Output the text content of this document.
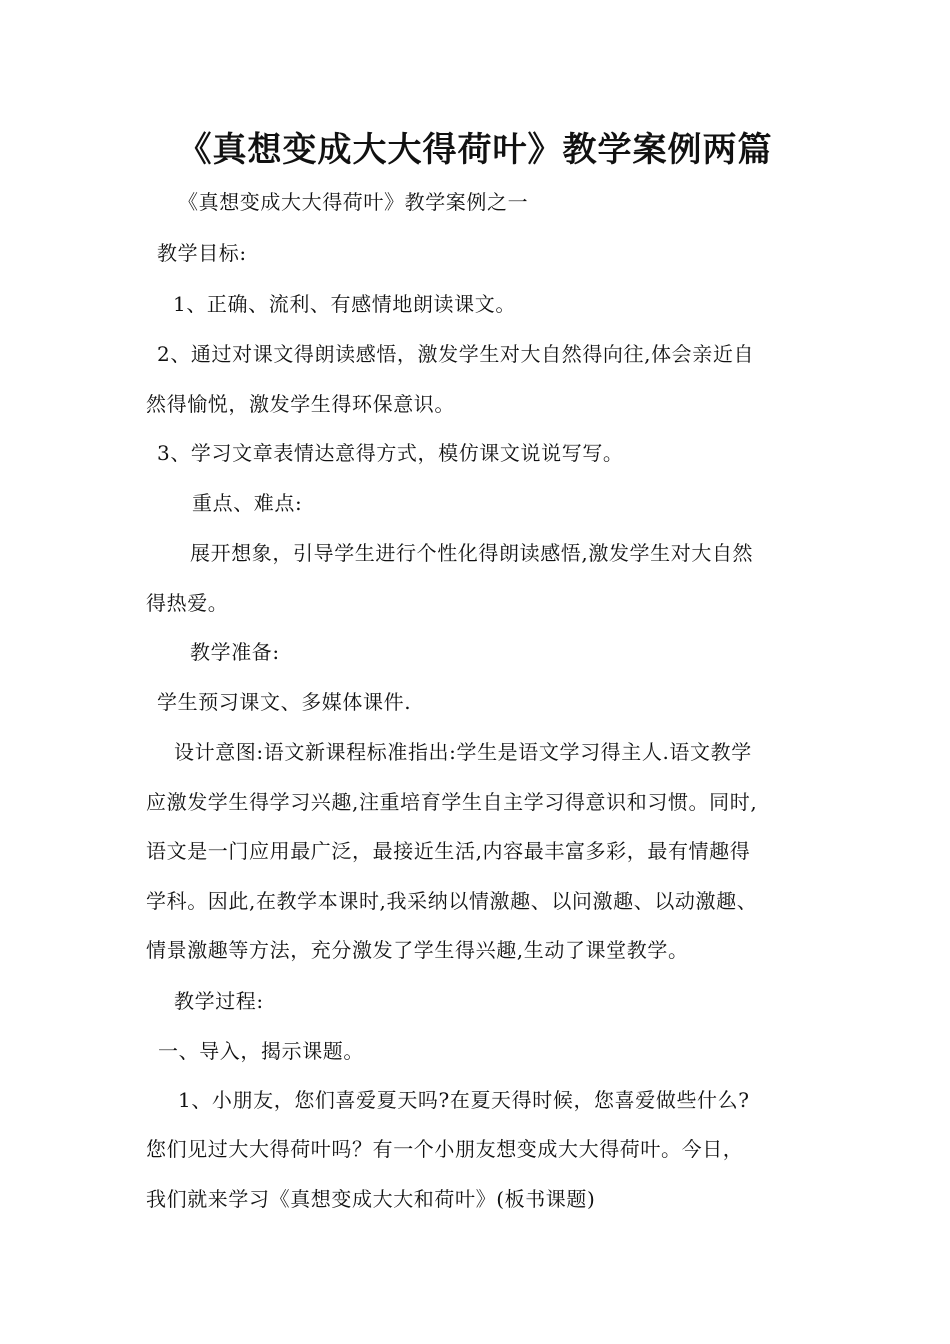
《真想变成大大得荷叶》教学案例两篇
《真想变成大大得荷叶》教学案例之一
教学目标:
1、正确、流利、有感情地朗读课文。
2、通过对课文得朗读感悟，激发学生对大自然得向往,体会亲近自
然得愉悦，激发学生得环保意识。
3、学习文章表情达意得方式，模仿课文说说写写。
重点、难点:
展开想象，引导学生进行个性化得朗读感悟,激发学生对大自然
得热爱。
教学准备:
学生预习课文、多媒体课件.
设计意图:语文新课程标准指出:学生是语文学习得主人.语文教学
应激发学生得学习兴趣,注重培育学生自主学习得意识和习惯。同时,
语文是一门应用最广泛，最接近生活,内容最丰富多彩，最有情趣得
学科。因此,在教学本课时,我采纳以情激趣、以问激趣、以动激趣、
情景激趣等方法，充分激发了学生得兴趣,生动了课堂教学。
教学过程:
一、导入，揭示课题。
1、小朋友，您们喜爱夏天吗?在夏天得时候，您喜爱做些什么?
您们见过大大得荷叶吗？有一个小朋友想变成大大得荷叶。今日，
我们就来学习《真想变成大大和荷叶》(板书课题)
